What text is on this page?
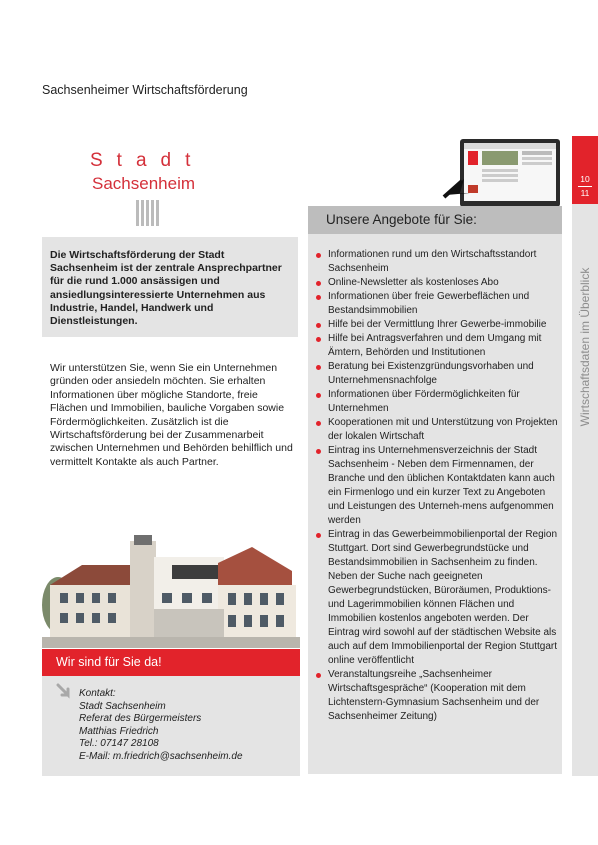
Sachsenheimer Wirtschaftsförderung
Stadt
Sachsenheim
Die Wirtschaftsförderung der Stadt Sachsenheim ist der zentrale Ansprechpartner für die rund 1.000 ansässigen und ansiedlungsinteressierte Unternehmen aus Industrie, Handel, Handwerk und Dienstleistungen.
Wir unterstützen Sie, wenn Sie ein Unternehmen gründen oder ansiedeln möchten. Sie erhalten Informationen über mögliche Standorte, freie Flächen und Immobilien, bauliche Vorgaben sowie Fördermöglichkeiten. Zusätzlich ist die Wirtschaftsförderung bei der Zusammenarbeit zwischen Unternehmen und Behörden behilflich und vermittelt Kontakte als auch Partner.
Wir sind für Sie da!
Kontakt:
Stadt Sachsenheim
Referat des Bürgermeisters
Matthias Friedrich
Tel.: 07147 28108
E-Mail: m.friedrich@sachsenheim.de
Unsere Angebote für Sie:
Informationen rund um den Wirtschaftsstandort Sachsenheim
Online-Newsletter als kostenloses Abo
Informationen über freie Gewerbeflächen und Bestandsimmobilien
Hilfe bei der Vermittlung Ihrer Gewerbe-immobilie
Hilfe bei Antragsverfahren und dem Umgang mit Ämtern, Behörden und Institutionen
Beratung bei Existenzgründungsvorhaben und Unternehmensnachfolge
Informationen über Fördermöglichkeiten für Unternehmen
Kooperationen mit und Unterstützung von Projekten der lokalen Wirtschaft
Eintrag ins Unternehmensverzeichnis der Stadt Sachsenheim - Neben dem Firmennamen, der Branche und den üblichen Kontaktdaten kann auch ein Firmenlogo und ein kurzer Text zu Angeboten und Leistungen des Unterneh-mens aufgenommen werden
Eintrag in das Gewerbeimmobilienportal der Region Stuttgart. Dort sind Gewerbegrundstücke und Bestandsimmobilien in Sachsenheim zu finden. Neben der Suche nach geeigneten Gewerbegrundstücken, Büroräumen, Produktions- und Lagerimmobilien können Flächen und Immobilien kostenlos angeboten werden. Der Eintrag wird sowohl auf der städtischen Website als auch auf dem Immobilienportal der Region Stuttgart online veröffentlicht
Veranstaltungsreihe „Sachsenheimer Wirtschaftsgespräche“ (Kooperation mit dem Lichtenstern-Gymnasium Sachsenheim und der Sachsenheimer Zeitung)
10
11
Wirtschaftsdaten im Überblick
